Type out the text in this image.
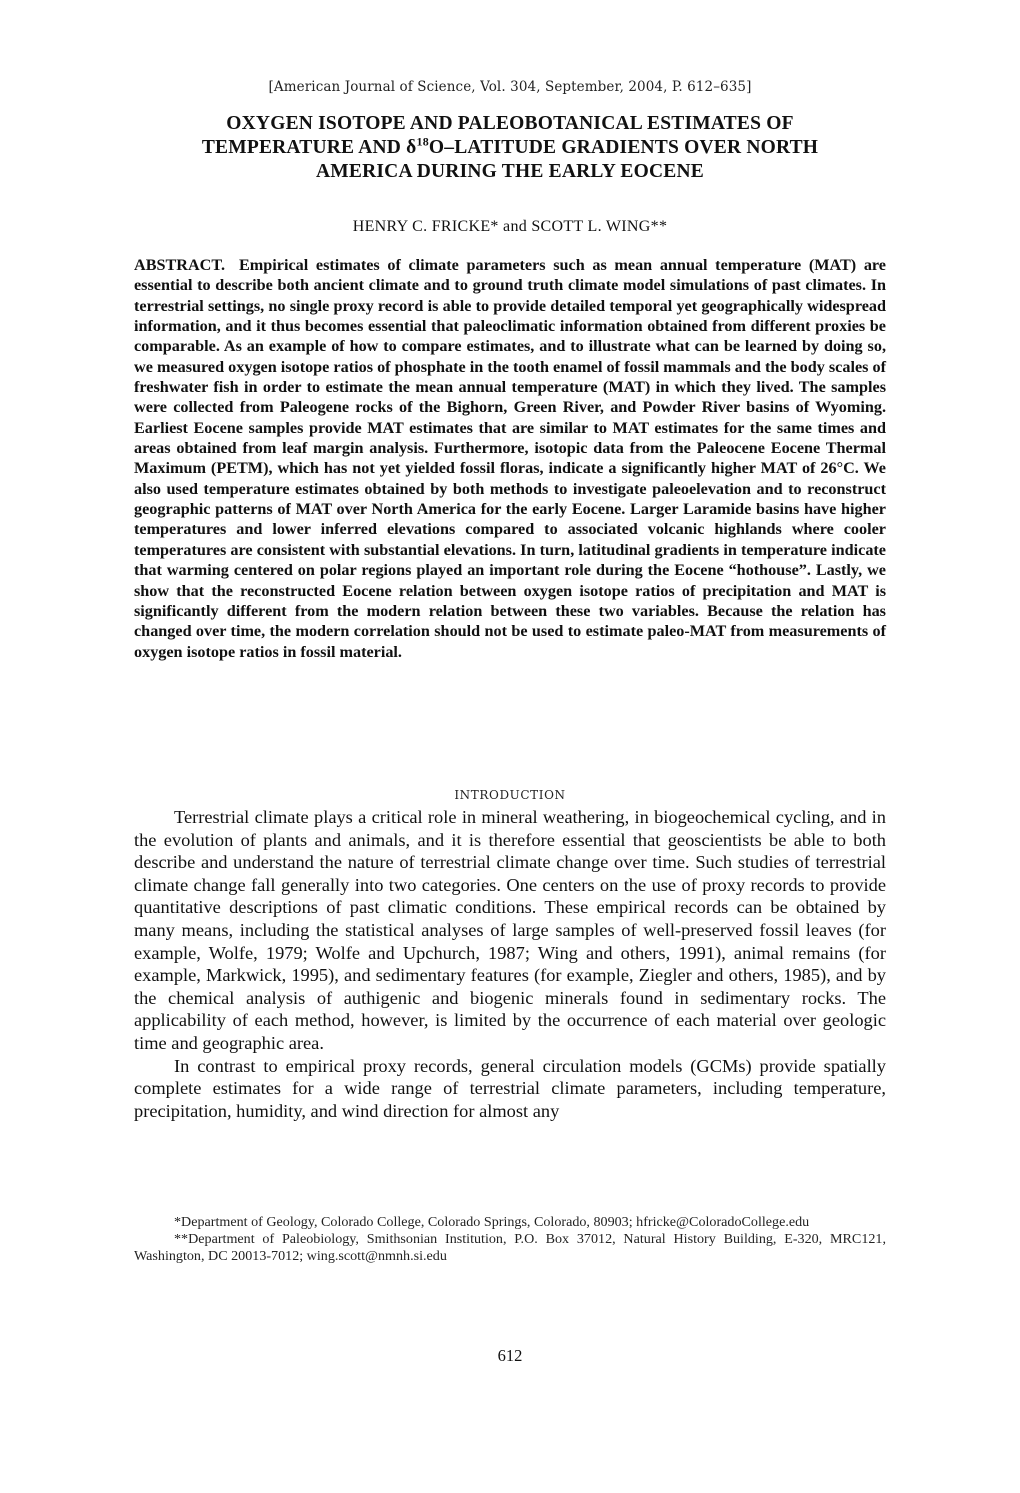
[American Journal of Science, Vol. 304, September, 2004, P. 612–635]
OXYGEN ISOTOPE AND PALEOBOTANICAL ESTIMATES OF
TEMPERATURE AND $\delta^{18}O$–LATITUDE GRADIENTS OVER NORTH
AMERICA DURING THE EARLY EOCENE
HENRY C. FRICKE* and SCOTT L. WING**

ABSTRACT. Empirical estimates of climate parameters such as mean annual temperature (MAT) are essential to describe both ancient climate and to ground truth climate model simulations of past climates. In terrestrial settings, no single proxy record is able to provide detailed temporal yet geographically widespread information, and it thus becomes essential that paleoclimatic information obtained from different proxies be comparable. As an example of how to compare estimates, and to illustrate what can be learned by doing so, we measured oxygen isotope ratios of phosphate in the tooth enamel of fossil mammals and the body scales of freshwater fish in order to estimate the mean annual temperature (MAT) in which they lived. The samples were collected from Paleogene rocks of the Bighorn, Green River, and Powder River basins of Wyoming. Earliest Eocene samples provide MAT estimates that are similar to MAT estimates for the same times and areas obtained from leaf margin analysis. Furthermore, isotopic data from the Paleocene Eocene Thermal Maximum (PETM), which has not yet yielded fossil floras, indicate a significantly higher MAT of 26°C. We also used temperature estimates obtained by both methods to investigate paleoelevation and to reconstruct geographic patterns of MAT over North America for the early Eocene. Larger Laramide basins have higher temperatures and lower inferred elevations compared to associated volcanic highlands where cooler temperatures are consistent with substantial elevations. In turn, latitudinal gradients in temperature indicate that warming centered on polar regions played an important role during the Eocene “hothouse”. Lastly, we show that the reconstructed Eocene relation between oxygen isotope ratios of precipitation and MAT is significantly different from the modern relation between these two variables. Because the relation has changed over time, the modern correlation should not be used to estimate paleo-MAT from measurements of oxygen isotope ratios in fossil material.

INTRODUCTION

Terrestrial climate plays a critical role in mineral weathering, in biogeochemical cycling, and in the evolution of plants and animals, and it is therefore essential that geoscientists be able to both describe and understand the nature of terrestrial climate change over time. Such studies of terrestrial climate change fall generally into two categories. One centers on the use of proxy records to provide quantitative descriptions of past climatic conditions. These empirical records can be obtained by many means, including the statistical analyses of large samples of well-preserved fossil leaves (for example, Wolfe, 1979; Wolfe and Upchurch, 1987; Wing and others, 1991), animal remains (for example, Markwick, 1995), and sedimentary features (for example, Ziegler and others, 1985), and by the chemical analysis of authigenic and biogenic minerals found in sedimentary rocks. The applicability of each method, however, is limited by the occurrence of each material over geologic time and geographic area.

In contrast to empirical proxy records, general circulation models (GCMs) provide spatially complete estimates for a wide range of terrestrial climate parameters, including temperature, precipitation, humidity, and wind direction for almost any

*Department of Geology, Colorado College, Colorado Springs, Colorado, 80903; hfricke@ColoradoCollege.edu

**Department of Paleobiology, Smithsonian Institution, P.O. Box 37012, Natural History Building, E-320, MRC121, Washington, DC 20013-7012; wing.scott@nmnh.si.edu

612
